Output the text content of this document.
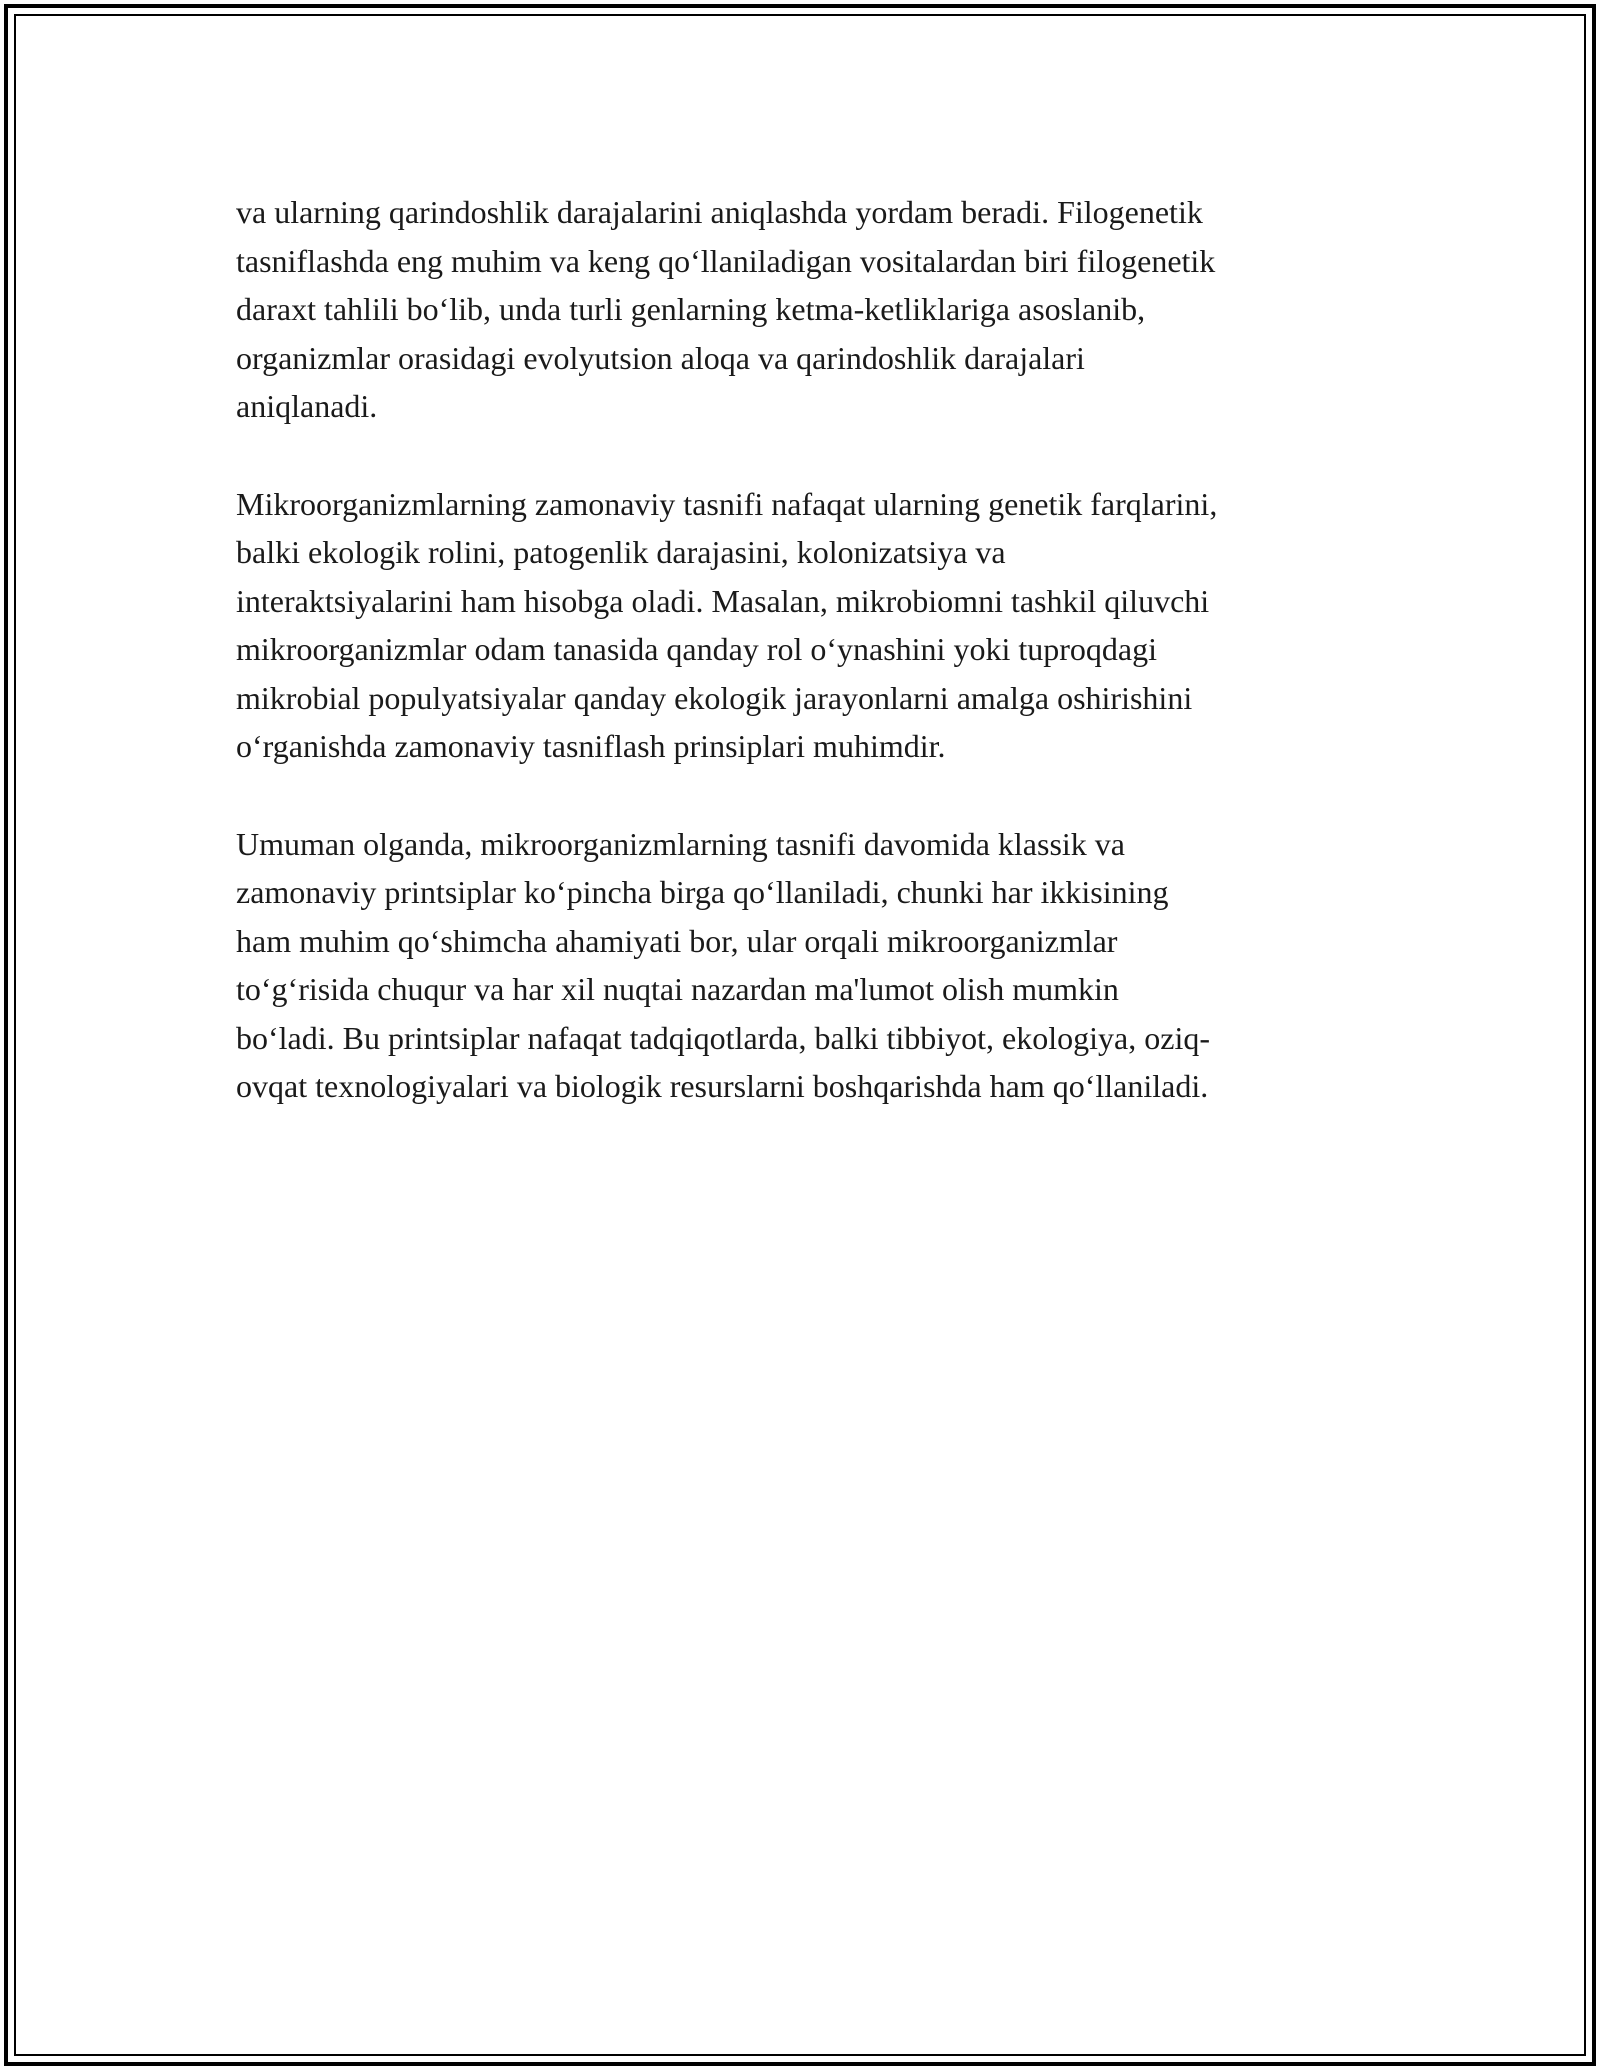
va ularning qarindoshlik darajalarini aniqlashda yordam beradi. Filogenetik
tasniflashda eng muhim va keng qo‘llaniladigan vositalardan biri filogenetik
daraxt tahlili bo‘lib, unda turli genlarning ketma-ketliklariga asoslanib,
organizmlar orasidagi evolyutsion aloqa va qarindoshlik darajalari
aniqlanadi.

Mikroorganizmlarning zamonaviy tasnifi nafaqat ularning genetik farqlarini,
balki ekologik rolini, patogenlik darajasini, kolonizatsiya va
interaktsiyalarini ham hisobga oladi. Masalan, mikrobiomni tashkil qiluvchi
mikroorganizmlar odam tanasida qanday rol o‘ynashini yoki tuproqdagi
mikrobial populyatsiyalar qanday ekologik jarayonlarni amalga oshirishini
o‘rganishda zamonaviy tasniflash prinsiplari muhimdir.

Umuman olganda, mikroorganizmlarning tasnifi davomida klassik va
zamonaviy printsiplar ko‘pincha birga qo‘llaniladi, chunki har ikkisining
ham muhim qo‘shimcha ahamiyati bor, ular orqali mikroorganizmlar
to‘g‘risida chuqur va har xil nuqtai nazardan ma'lumot olish mumkin
bo‘ladi. Bu printsiplar nafaqat tadqiqotlarda, balki tibbiyot, ekologiya, oziq-
ovqat texnologiyalari va biologik resurslarni boshqarishda ham qo‘llaniladi.
